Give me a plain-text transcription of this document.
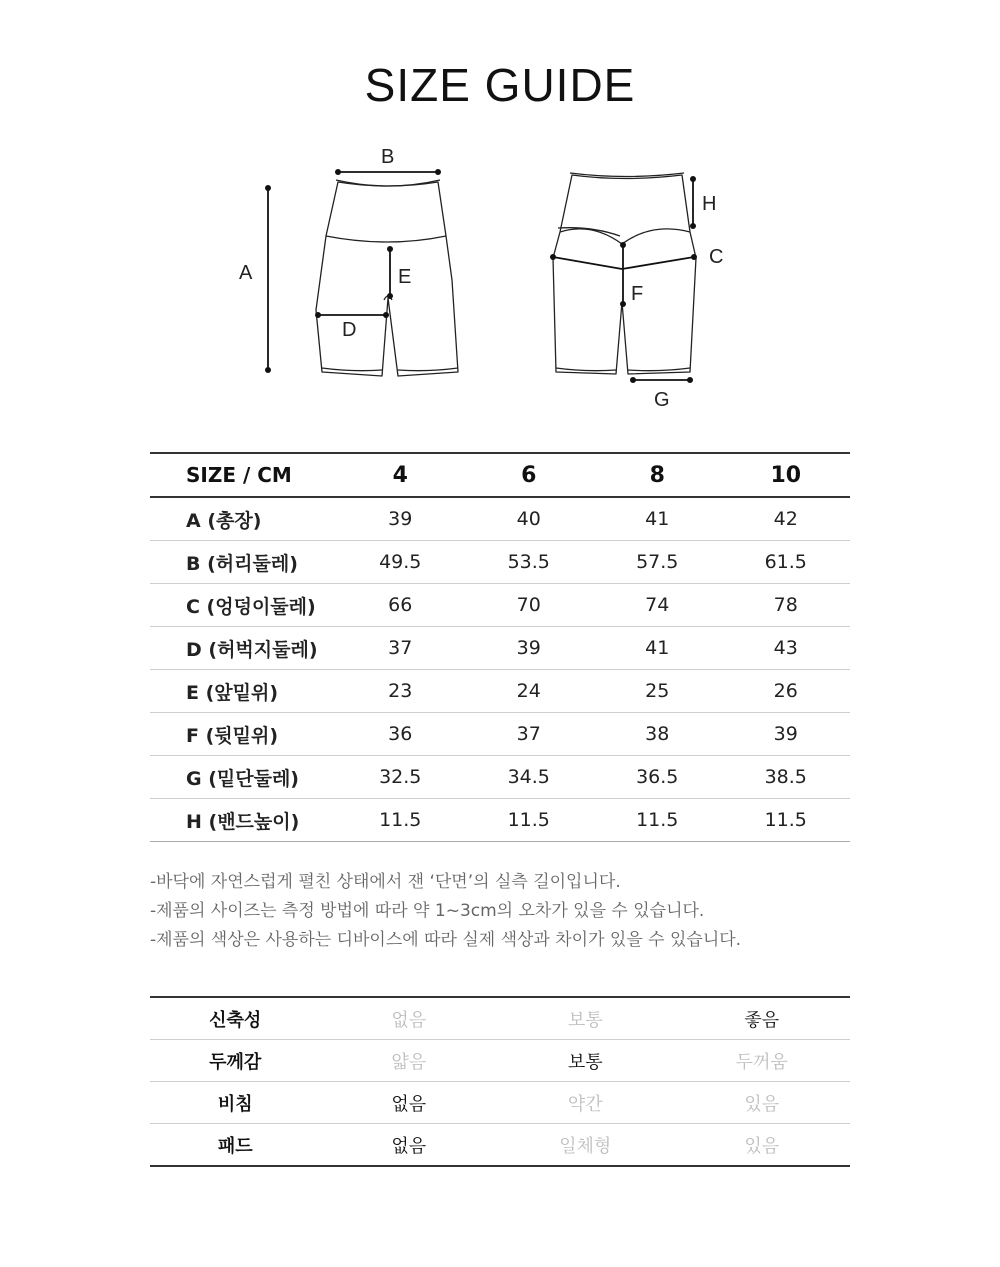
SIZE GUIDE
A
B
C
D
E
F
G
H
SIZE / CM	4	6	8	10
A (총장)	39	40	41	42
B (허리둘레)	49.5	53.5	57.5	61.5
C (엉덩이둘레)	66	70	74	78
D (허벅지둘레)	37	39	41	43
E (앞밑위)	23	24	25	26
F (뒷밑위)	36	37	38	39
G (밑단둘레)	32.5	34.5	36.5	38.5
H (밴드높이)	11.5	11.5	11.5	11.5
-바닥에 자연스럽게 펼친 상태에서 잰 ‘단면’의 실측 길이입니다.
-제품의 사이즈는 측정 방법에 따라 약 1~3cm의 오차가 있을 수 있습니다.
-제품의 색상은 사용하는 디바이스에 따라 실제 색상과 차이가 있을 수 있습니다.
신축성	없음	보통	좋음
두께감	얇음	보통	두꺼움
비침	없음	약간	있음
패드	없음	일체형	있음
